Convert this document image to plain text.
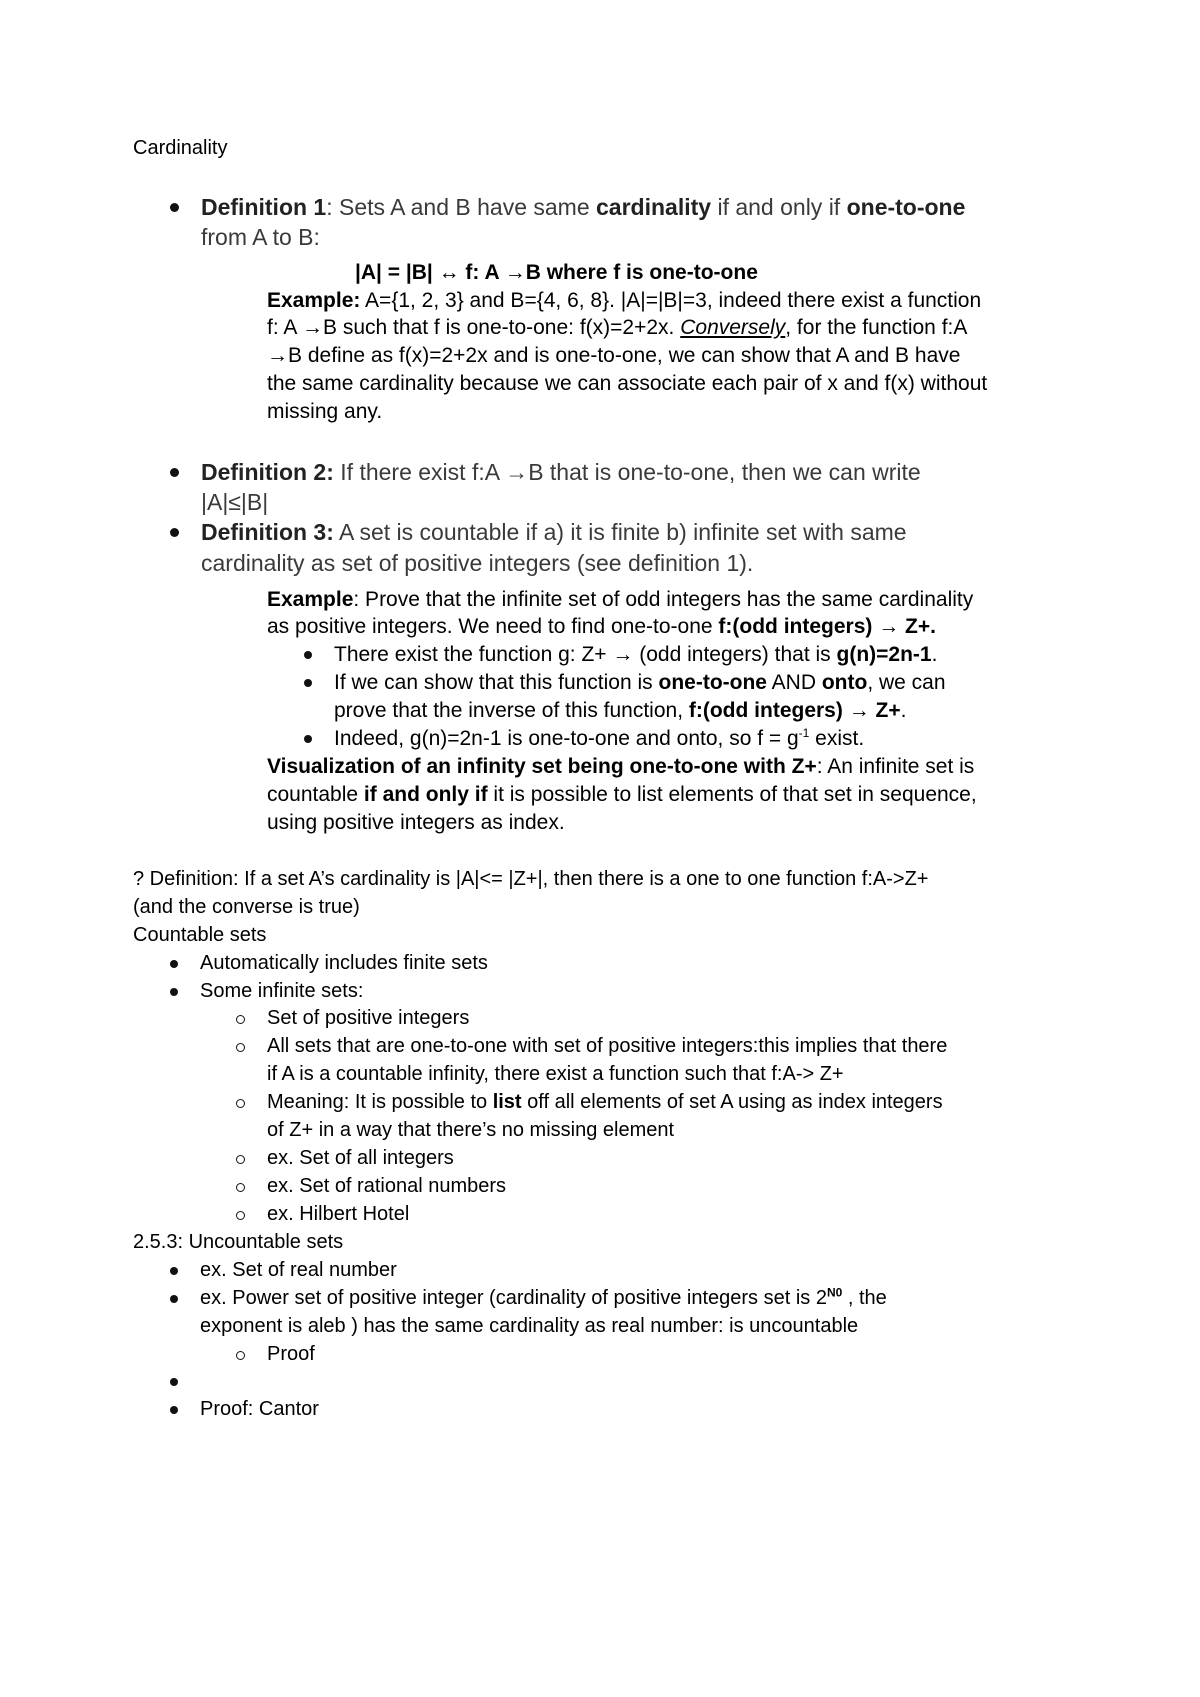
Cardinality
Definition 1: Sets A and B have same cardinality if and only if one-to-one
from A to B:
|A| = |B| ↔ f: A →B where f is one-to-one
Example: A={1, 2, 3} and B={4, 6, 8}. |A|=|B|=3, indeed there exist a function
f: A →B such that f is one-to-one: f(x)=2+2x. Conversely, for the function f:A
→B define as f(x)=2+2x and is one-to-one, we can show that A and B have
the same cardinality because we can associate each pair of x and f(x) without
missing any.
Definition 2: If there exist f:A →B that is one-to-one, then we can write
|A|≤|B|
Definition 3: A set is countable if a) it is finite b) infinite set with same
cardinality as set of positive integers (see definition 1).
Example: Prove that the infinite set of odd integers has the same cardinality
as positive integers. We need to find one-to-one f:(odd integers) → Z+.
There exist the function g: Z+ → (odd integers) that is g(n)=2n-1.
If we can show that this function is one-to-one AND onto, we can
prove that the inverse of this function, f:(odd integers) → Z+.
Indeed, g(n)=2n-1 is one-to-one and onto, so $f = g^{-1}$ exist.
Visualization of an infinity set being one-to-one with Z+: An infinite set is
countable if and only if it is possible to list elements of that set in sequence,
using positive integers as index.
? Definition: If a set A’s cardinality is |A|<= |Z+|, then there is a one to one function f:A->Z+
(and the converse is true)
Countable sets
Automatically includes finite sets
Some infinite sets:
Set of positive integers
All sets that are one-to-one with set of positive integers:this implies that there
if A is a countable infinity, there exist a function such that f:A-> Z+
Meaning: It is possible to list off all elements of set A using as index integers
of Z+ in a way that there’s no missing element
ex. Set of all integers
ex. Set of rational numbers
ex. Hilbert Hotel
2.5.3: Uncountable sets
ex. Set of real number
ex. Power set of positive integer (cardinality of positive integers set is $2^{N0}$ , the
exponent is aleb ) has the same cardinality as real number: is uncountable
Proof
Proof: Cantor
